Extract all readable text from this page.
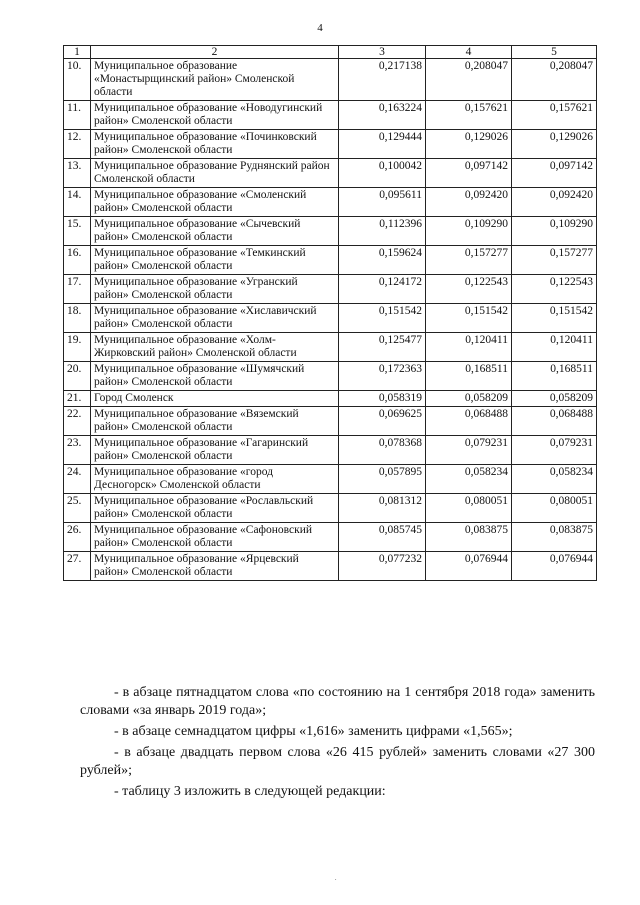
4
1	2	3	4	5
10.	Муниципальное образование «Монастырщинский район» Смоленской области	0,217138	0,208047	0,208047
11.	Муниципальное образование «Новодугинский район» Смоленской области	0,163224	0,157621	0,157621
12.	Муниципальное образование «Починковский район» Смоленской области	0,129444	0,129026	0,129026
13.	Муниципальное образование Руднянский район Смоленской области	0,100042	0,097142	0,097142
14.	Муниципальное образование «Смоленский район» Смоленской области	0,095611	0,092420	0,092420
15.	Муниципальное образование «Сычевский район» Смоленской области	0,112396	0,109290	0,109290
16.	Муниципальное образование «Темкинский район» Смоленской области	0,159624	0,157277	0,157277
17.	Муниципальное образование «Угранский район» Смоленской области	0,124172	0,122543	0,122543
18.	Муниципальное образование «Хиславичский район» Смоленской области	0,151542	0,151542	0,151542
19.	Муниципальное образование «Холм-Жирковский район» Смоленской области	0,125477	0,120411	0,120411
20.	Муниципальное образование «Шумячский район» Смоленской области	0,172363	0,168511	0,168511
21.	Город Смоленск	0,058319	0,058209	0,058209
22.	Муниципальное образование «Вяземский район» Смоленской области	0,069625	0,068488	0,068488
23.	Муниципальное образование «Гагаринский район» Смоленской области	0,078368	0,079231	0,079231
24.	Муниципальное образование «город Десногорск» Смоленской области	0,057895	0,058234	0,058234
25.	Муниципальное образование «Рославльский район» Смоленской области	0,081312	0,080051	0,080051
26.	Муниципальное образование «Сафоновский район» Смоленской области	0,085745	0,083875	0,083875
27.	Муниципальное образование «Ярцевский район» Смоленской области	0,077232	0,076944	0,076944

- в абзаце пятнадцатом слова «по состоянию на 1 сентября 2018 года» заменить словами «за январь 2019 года»;

- в абзаце семнадцатом цифры «1,616» заменить цифрами «1,565»;

- в абзаце двадцать первом слова «26 415 рублей» заменить словами «27 300 рублей»;

- таблицу 3 изложить в следующей редакции:

.
